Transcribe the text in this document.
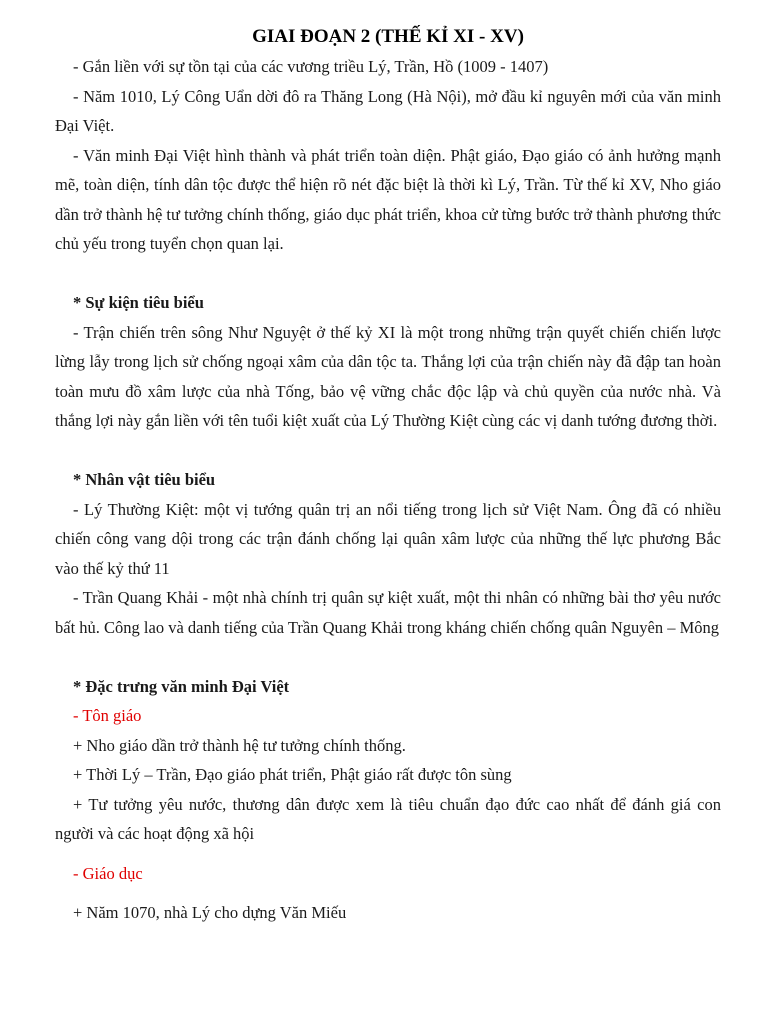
GIAI ĐOẠN 2 (THẾ KỈ XI - XV)

- Gắn liền với sự tồn tại của các vương triều Lý, Trần, Hồ (1009 - 1407)

- Năm 1010, Lý Công Uẩn dời đô ra Thăng Long (Hà Nội), mở đầu kỉ nguyên mới của văn minh Đại Việt.

- Văn minh Đại Việt hình thành và phát triển toàn diện. Phật giáo, Đạo giáo có ảnh hưởng mạnh mẽ, toàn diện, tính dân tộc được thể hiện rõ nét đặc biệt là thời kì Lý, Trần. Từ thế kỉ XV, Nho giáo dần trở thành hệ tư tưởng chính thống, giáo dục phát triển, khoa cử từng bước trở thành phương thức chủ yếu trong tuyển chọn quan lại.

* Sự kiện tiêu biểu

- Trận chiến trên sông Như Nguyệt ở thế kỷ XI là một trong những trận quyết chiến chiến lược lừng lẫy trong lịch sử chống ngoại xâm của dân tộc ta. Thắng lợi của trận chiến này đã đập tan hoàn toàn mưu đồ xâm lược của nhà Tống, bảo vệ vững chắc độc lập và chủ quyền của nước nhà. Và thắng lợi này gắn liền với tên tuổi kiệt xuất của Lý Thường Kiệt cùng các vị danh tướng đương thời.

* Nhân vật tiêu biểu

- Lý Thường Kiệt: một vị tướng quân trị an nổi tiếng trong lịch sử Việt Nam. Ông đã có nhiều chiến công vang dội trong các trận đánh chống lại quân xâm lược của những thế lực phương Bắc vào thế kỷ thứ 11

- Trần Quang Khải - một nhà chính trị quân sự kiệt xuất, một thi nhân có những bài thơ yêu nước bất hủ. Công lao và danh tiếng của Trần Quang Khải trong kháng chiến chống quân Nguyên – Mông

* Đặc trưng văn minh Đại Việt

- Tôn giáo

+ Nho giáo dần trở thành hệ tư tưởng chính thống.

+ Thời Lý – Trần, Đạo giáo phát triển, Phật giáo rất được tôn sùng

+ Tư tưởng yêu nước, thương dân được xem là tiêu chuẩn đạo đức cao nhất để đánh giá con người và các hoạt động xã hội

- Giáo dục

+ Năm 1070, nhà Lý cho dựng Văn Miếu
